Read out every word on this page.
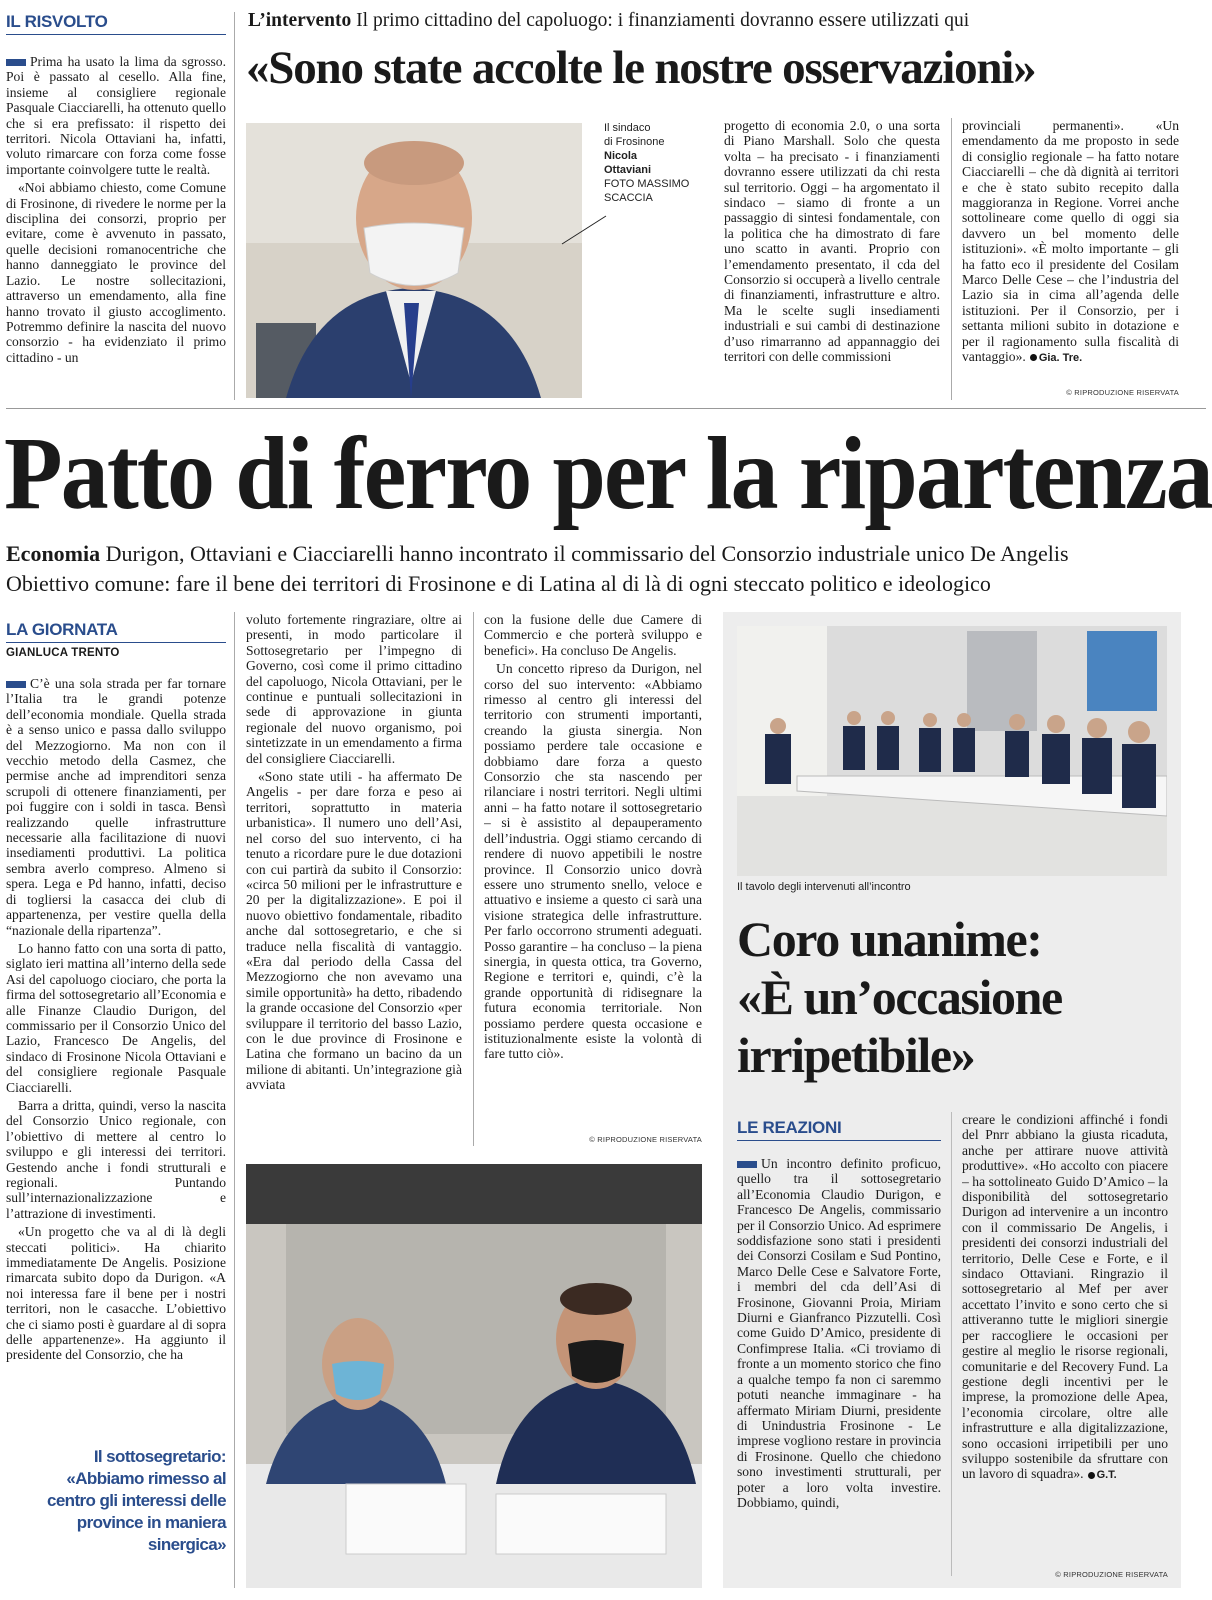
IL RISVOLTO	L’intervento Il primo cittadino del capoluogo: i finanziamenti dovranno essere utilizzati qui
«Sono state accolte le nostre osservazioni»

Prima ha usato la lima da sgrosso. Poi è passato al cesello. Alla fine, insieme al consigliere regionale Pasquale Ciacciarelli, ha ottenuto quello che si era prefissato: il rispetto dei territori. Nicola Ottaviani ha, infatti, voluto rimarcare con forza come fosse importante coinvolgere tutte le realtà.

«Noi abbiamo chiesto, come Comune di Frosinone, di rivedere le norme per la disciplina dei consorzi, proprio per evitare, come è avvenuto in passato, quelle decisioni romanocentriche che hanno danneggiato le province del Lazio. Le nostre sollecitazioni, attraverso un emendamento, alla fine hanno trovato il giusto accoglimento. Potremmo definire la nascita del nuovo consorzio - ha evidenziato il primo cittadino - un

Il sindaco
di Frosinone
Nicola
Ottaviani
FOTO MASSIMO
SCACCIA

progetto di economia 2.0, o una sorta di Piano Marshall. Solo che questa volta – ha precisato - i finanziamenti dovranno essere utilizzati da chi resta sul territorio. Oggi – ha argomentato il sindaco – siamo di fronte a un passaggio di sintesi fondamentale, con la politica che ha dimostrato di fare uno scatto in avanti. Proprio con l’emendamento presentato, il cda del Consorzio si occuperà a livello centrale di finanziamenti, infrastrutture e altro. Ma le scelte sugli insediamenti industriali e sui cambi di destinazione d’uso rimarranno ad appannaggio dei territori con delle commissioni

provinciali permanenti». «Un emendamento da me proposto in sede di consiglio regionale – ha fatto notare Ciacciarelli – che dà dignità ai territori e che è stato subito recepito dalla maggioranza in Regione. Vorrei anche sottolineare come quello di oggi sia davvero un bel momento delle istituzioni». «È molto importante – gli ha fatto eco il presidente del Cosilam Marco Delle Cese – che l’industria del Lazio sia in cima all’agenda delle istituzioni. Per il Consorzio, per i settanta milioni subito in dotazione e per il ragionamento sulla fiscalità di vantaggio». Gia. Tre.

© RIPRODUZIONE RISERVATA
Patto di ferro per la ripartenza
Economia Durigon, Ottaviani e Ciacciarelli hanno incontrato il commissario del Consorzio industriale unico De Angelis
Obiettivo comune: fare il bene dei territori di Frosinone e di Latina al di là di ogni steccato politico e ideologico
LA GIORNATA
GIANLUCA TRENTO

C’è una sola strada per far tornare l’Italia tra le grandi potenze dell’economia mondiale. Quella strada è a senso unico e passa dallo sviluppo del Mezzogiorno. Ma non con il vecchio metodo della Casmez, che permise anche ad imprenditori senza scrupoli di ottenere finanziamenti, per poi fuggire con i soldi in tasca. Bensì realizzando quelle infrastrutture necessarie alla facilitazione di nuovi insediamenti produttivi. La politica sembra averlo compreso. Almeno si spera. Lega e Pd hanno, infatti, deciso di togliersi la casacca dei club di appartenenza, per vestire quella della “nazionale della ripartenza”.

Lo hanno fatto con una sorta di patto, siglato ieri mattina all’interno della sede Asi del capoluogo ciociaro, che porta la firma del sottosegretario all’Economia e alle Finanze Claudio Durigon, del commissario per il Consorzio Unico del Lazio, Francesco De Angelis, del sindaco di Frosinone Nicola Ottaviani e del consigliere regionale Pasquale Ciacciarelli.

Barra a dritta, quindi, verso la nascita del Consorzio Unico regionale, con l’obiettivo di mettere al centro lo sviluppo e gli interessi dei territori. Gestendo anche i fondi strutturali e regionali. Puntando sull’internazionalizzazione e l’attrazione di investimenti.

«Un progetto che va al di là degli steccati politici». Ha chiarito immediatamente De Angelis. Posizione rimarcata subito dopo da Durigon. «A noi interessa fare il bene per i nostri territori, non le casacche. L’obiettivo che ci siamo posti è guardare al di sopra delle appartenenze». Ha aggiunto il presidente del Consorzio, che ha

Il sottosegretario:
«Abbiamo rimesso al
centro gli interessi delle
province in maniera
sinergica»

voluto fortemente ringraziare, oltre ai presenti, in modo particolare il Sottosegretario per l’impegno di Governo, così come il primo cittadino del capoluogo, Nicola Ottaviani, per le continue e puntuali sollecitazioni in sede di approvazione in giunta regionale del nuovo organismo, poi sintetizzate in un emendamento a firma del consigliere Ciacciarelli.

«Sono state utili - ha affermato De Angelis - per dare forza e peso ai territori, soprattutto in materia urbanistica». Il numero uno dell’Asi, nel corso del suo intervento, ci ha tenuto a ricordare pure le due dotazioni con cui partirà da subito il Consorzio: «circa 50 milioni per le infrastrutture e 20 per la digitalizzazione». E poi il nuovo obiettivo fondamentale, ribadito anche dal sottosegretario, e che si traduce nella fiscalità di vantaggio. «Era dal periodo della Cassa del Mezzogiorno che non avevamo una simile opportunità» ha detto, ribadendo la grande occasione del Consorzio «per sviluppare il territorio del basso Lazio, con le due province di Frosinone e Latina che formano un bacino da un milione di abitanti. Un’integrazione già avviata

con la fusione delle due Camere di Commercio e che porterà sviluppo e benefici». Ha concluso De Angelis.

Un concetto ripreso da Durigon, nel corso del suo intervento: «Abbiamo rimesso al centro gli interessi del territorio con strumenti importanti, creando la giusta sinergia. Non possiamo perdere tale occasione e dobbiamo dare forza a questo Consorzio che sta nascendo per rilanciare i nostri territori. Negli ultimi anni – ha fatto notare il sottosegretario – si è assistito al depauperamento dell’industria. Oggi stiamo cercando di rendere di nuovo appetibili le nostre province. Il Consorzio unico dovrà essere uno strumento snello, veloce e attuativo e insieme a questo ci sarà una visione strategica delle infrastrutture. Per farlo occorrono strumenti adeguati. Posso garantire – ha concluso – la piena sinergia, in questa ottica, tra Governo, Regione e territori e, quindi, c’è la grande opportunità di ridisegnare la futura economia territoriale. Non possiamo perdere questa occasione e istituzionalmente esiste la volontà di fare tutto ciò».

© RIPRODUZIONE RISERVATA
Il tavolo degli intervenuti all’incontro
Coro unanime:
«È un’occasione
irripetibile»
LE REAZIONI

Un incontro definito proficuo, quello tra il sottosegretario all’Economia Claudio Durigon, e Francesco De Angelis, commissario per il Consorzio Unico. Ad esprimere soddisfazione sono stati i presidenti dei Consorzi Cosilam e Sud Pontino, Marco Delle Cese e Salvatore Forte, i membri del cda dell’Asi di Frosinone, Giovanni Proia, Miriam Diurni e Gianfranco Pizzutelli. Così come Guido D’Amico, presidente di Confimprese Italia. «Ci troviamo di fronte a un momento storico che fino a qualche tempo fa non ci saremmo potuti neanche immaginare - ha affermato Miriam Diurni, presidente di Unindustria Frosinone - Le imprese vogliono restare in provincia di Frosinone. Quello che chiedono sono investimenti strutturali, per poter a loro volta investire. Dobbiamo, quindi,

creare le condizioni affinché i fondi del Pnrr abbiano la giusta ricaduta, anche per attirare nuove attività produttive». «Ho accolto con piacere – ha sottolineato Guido D’Amico – la disponibilità del sottosegretario Durigon ad intervenire a un incontro con il commissario De Angelis, i presidenti dei consorzi industriali del territorio, Delle Cese e Forte, e il sindaco Ottaviani. Ringrazio il sottosegretario al Mef per aver accettato l’invito e sono certo che si attiveranno tutte le migliori sinergie per raccogliere le occasioni per gestire al meglio le risorse regionali, comunitarie e del Recovery Fund. La gestione degli incentivi per le imprese, la promozione delle Apea, l’economia circolare, oltre alle infrastrutture e alla digitalizzazione, sono occasioni irripetibili per uno sviluppo sostenibile da sfruttare con un lavoro di squadra». G.T.

© RIPRODUZIONE RISERVATA
